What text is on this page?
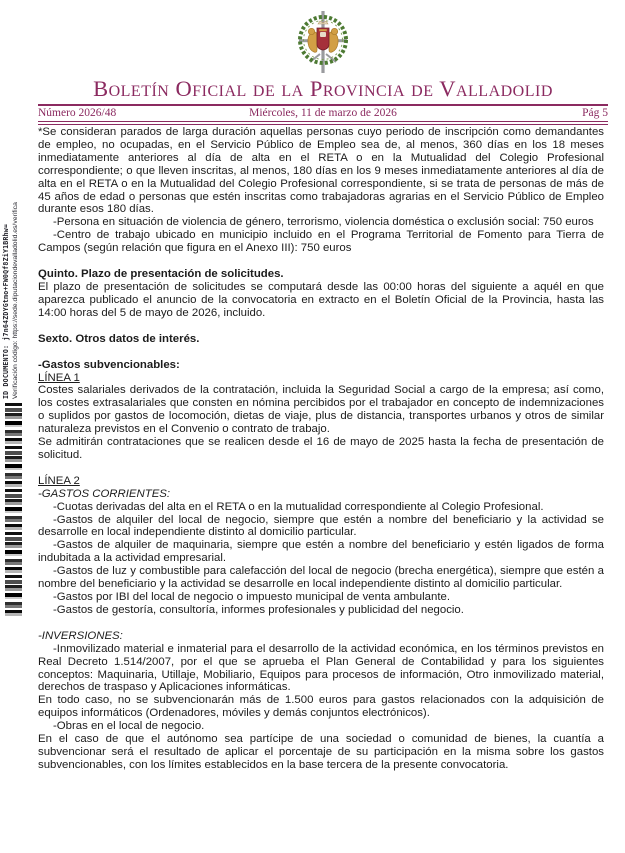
ID DOCUMENTO: j7n64ZDYGtmo+FW0Qf8ZiY1BRhw= Verificación código: https://sede.diputaciondevalladolid.es/verifica
Boletín Oficial de la Provincia de Valladolid
Número 2026/48	Miércoles, 11 de marzo de 2026	Pág 5

*Se consideran parados de larga duración aquellas personas cuyo periodo de inscripción como demandantes de empleo, no ocupadas, en el Servicio Público de Empleo sea de, al menos, 360 días en los 18 meses inmediatamente anteriores al día de alta en el RETA o en la Mutualidad del Colegio Profesional correspondiente; o que lleven inscritas, al menos, 180 días en los 9 meses inmediatamente anteriores al día de alta en el RETA o en la Mutualidad del Colegio Profesional correspondiente, si se trata de personas de más de 45 años de edad o personas que estén inscritas como trabajadoras agrarias en el Servicio Público de Empleo durante esos 180 días.

-Persona en situación de violencia de género, terrorismo, violencia doméstica o exclusión social: 750 euros

-Centro de trabajo ubicado en municipio incluido en el Programa Territorial de Fomento para Tierra de Campos (según relación que figura en el Anexo III): 750 euros

Quinto. Plazo de presentación de solicitudes.

El plazo de presentación de solicitudes se computará desde las 00:00 horas del siguiente a aquél en que aparezca publicado el anuncio de la convocatoria en extracto en el Boletín Oficial de la Provincia, hasta las 14:00 horas del 5 de mayo de 2026, incluido.

Sexto. Otros datos de interés.

-Gastos subvencionables:

LÍNEA 1

Costes salariales derivados de la contratación, incluida la Seguridad Social a cargo de la empresa; así como, los costes extrasalariales que consten en nómina percibidos por el trabajador en concepto de indemnizaciones o suplidos por gastos de locomoción, dietas de viaje, plus de distancia, transportes urbanos y otros de similar naturaleza previstos en el Convenio o contrato de trabajo.

Se admitirán contrataciones que se realicen desde el 16 de mayo de 2025 hasta la fecha de presentación de solicitud.

LÍNEA 2

-GASTOS CORRIENTES:

-Cuotas derivadas del alta en el RETA o en la mutualidad correspondiente al Colegio Profesional.

-Gastos de alquiler del local de negocio, siempre que estén a nombre del beneficiario y la actividad se desarrolle en local independiente distinto al domicilio particular.

-Gastos de alquiler de maquinaria, siempre que estén a nombre del beneficiario y estén ligados de forma indubitada a la actividad empresarial.

-Gastos de luz y combustible para calefacción del local de negocio (brecha energética), siempre que estén a nombre del beneficiario y la actividad se desarrolle en local independiente distinto al domicilio particular.

-Gastos por IBI del local de negocio o impuesto municipal de venta ambulante.

-Gastos de gestoría, consultoría, informes profesionales y publicidad del negocio.

-INVERSIONES:

-Inmovilizado material e inmaterial para el desarrollo de la actividad económica, en los términos previstos en Real Decreto 1.514/2007, por el que se aprueba el Plan General de Contabilidad y para los siguientes conceptos: Maquinaria, Utillaje, Mobiliario, Equipos para procesos de información, Otro inmovilizado material, derechos de traspaso y Aplicaciones informáticas.

En todo caso, no se subvencionarán más de 1.500 euros para gastos relacionados con la adquisición de equipos informáticos (Ordenadores, móviles y demás conjuntos electrónicos).

-Obras en el local de negocio.

En el caso de que el autónomo sea partícipe de una sociedad o comunidad de bienes, la cuantía a subvencionar será el resultado de aplicar el porcentaje de su participación en la misma sobre los gastos subvencionables, con los límites establecidos en la base tercera de la presente convocatoria.
